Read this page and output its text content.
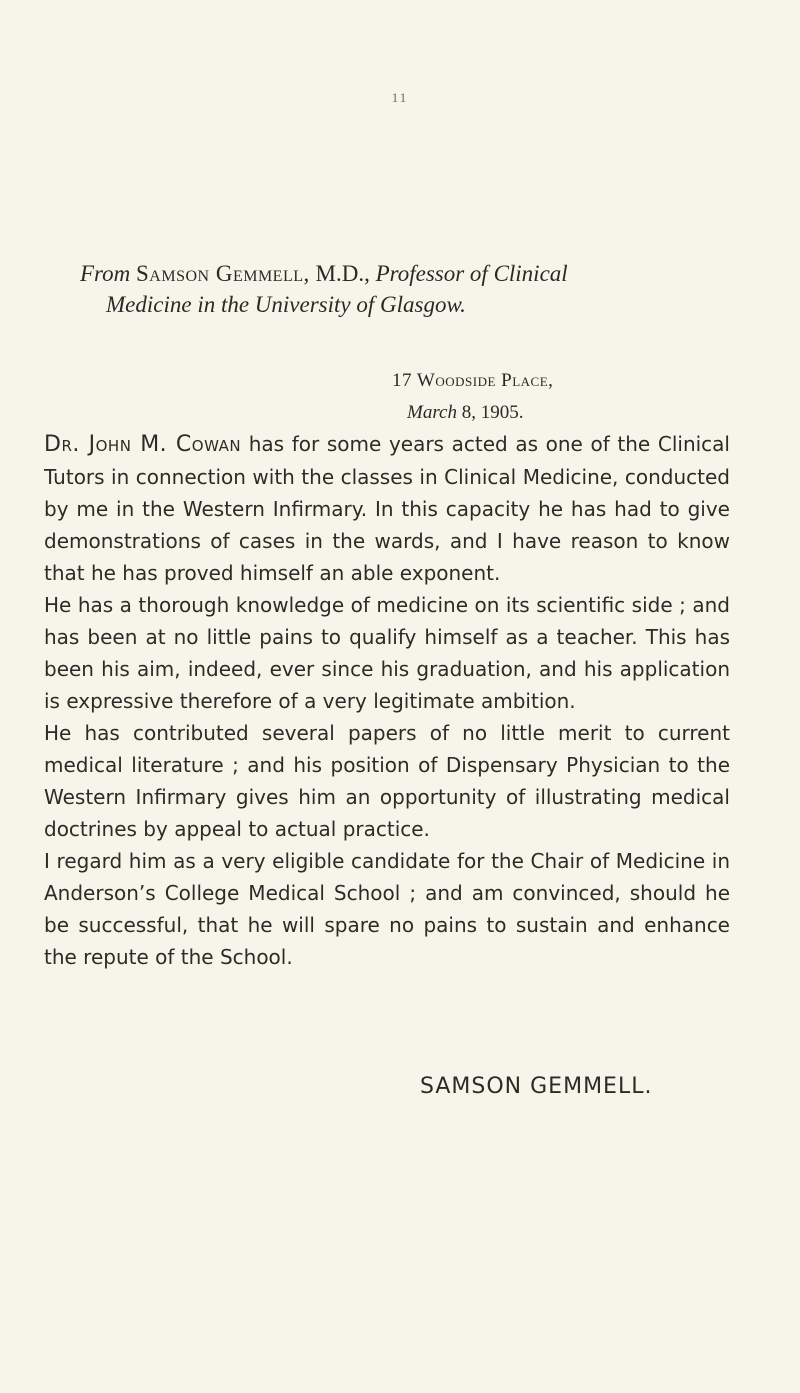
11
From Samson Gemmell, M.D., Professor of Clinical
Medicine in the University of Glasgow.
17 Woodside Place,
March 8, 1905.

Dr. John M. Cowan has for some years acted as one of the Clinical Tutors in connection with the classes in Clinical Medicine, conducted by me in the Western Infirmary. In this capacity he has had to give demonstrations of cases in the wards, and I have reason to know that he has proved himself an able exponent.

He has a thorough knowledge of medicine on its scientific side ; and has been at no little pains to qualify himself as a teacher. This has been his aim, indeed, ever since his graduation, and his application is expressive therefore of a very legitimate ambition.

He has contributed several papers of no little merit to current medical literature ; and his position of Dispensary Physician to the Western Infirmary gives him an opportunity of illustrating medical doctrines by appeal to actual practice.

I regard him as a very eligible candidate for the Chair of Medicine in Anderson’s College Medical School ; and am convinced, should he be successful, that he will spare no pains to sustain and enhance the repute of the School.

SAMSON GEMMELL.
